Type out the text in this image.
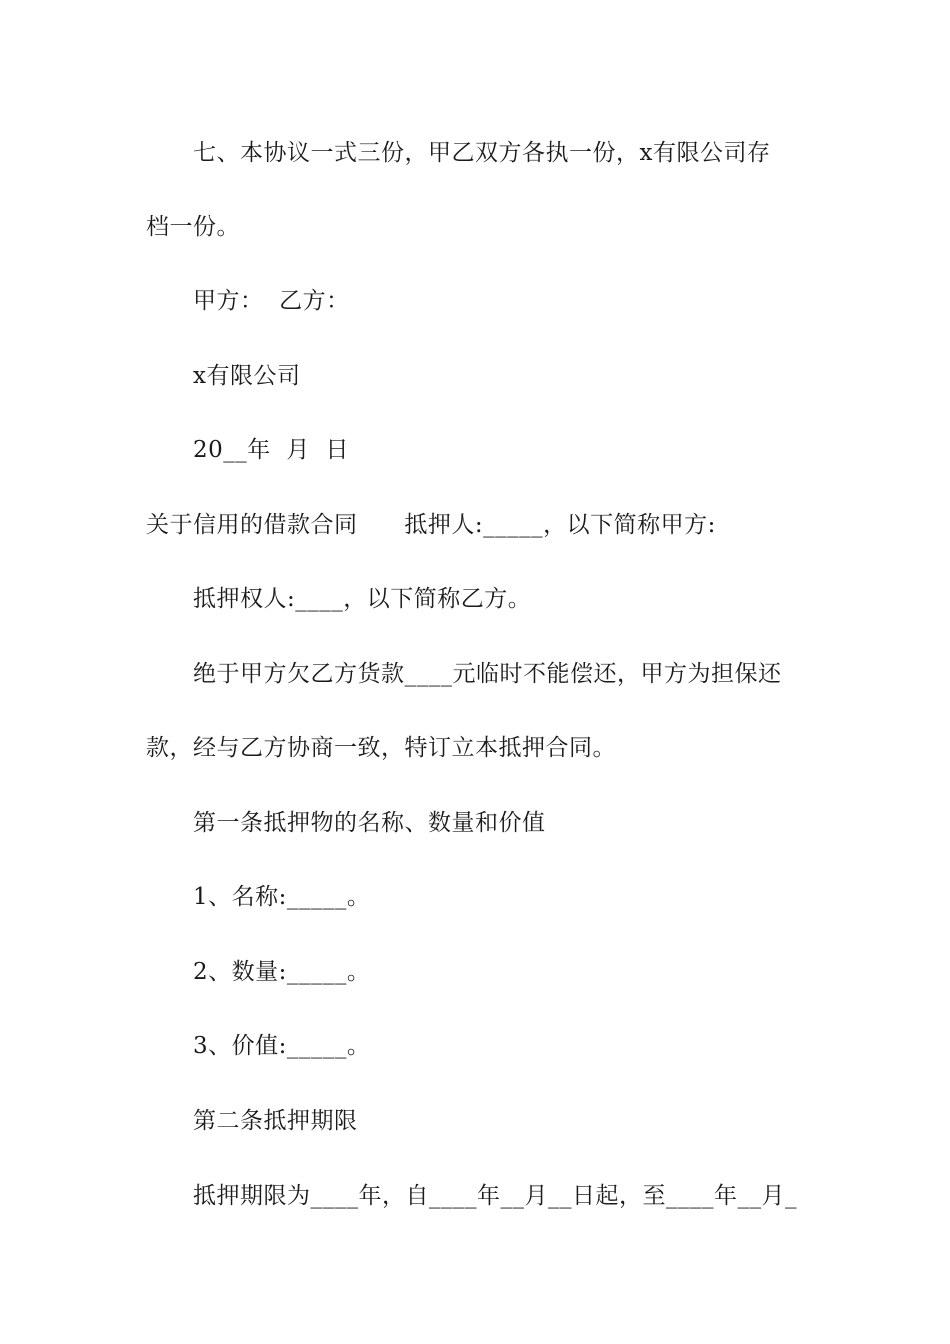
七、本协议一式三份，甲乙双方各执一份，x有限公司存
档一份。
甲方：  乙方：
x有限公司
20__年  月  日
关于信用的借款合同      抵押人:_____，以下简称甲方:
抵押权人:____，以下简称乙方。
绝于甲方欠乙方货款____元临时不能偿还，甲方为担保还
款，经与乙方协商一致，特订立本抵押合同。
第一条抵押物的名称、数量和价值
1、名称:_____。
2、数量:_____。
3、价值:_____。
第二条抵押期限
抵押期限为____年，自____年__月__日起，至____年__月_
